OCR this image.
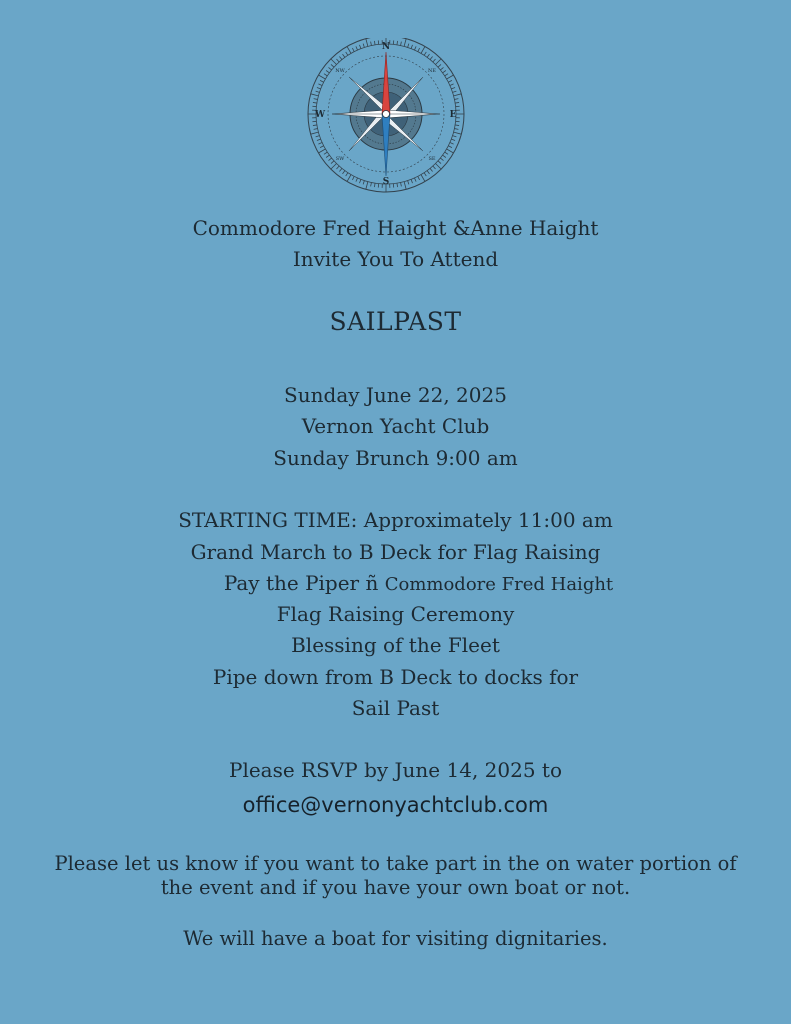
N
E
S
W
NE
SE
SW
NW
Commodore Fred Haight &Anne Haight
Invite You To Attend
SAILPAST
Sunday June 22, 2025
Vernon Yacht Club
Sunday Brunch 9:00 am
STARTING TIME: Approximately 11:00 am
Grand March to B Deck for Flag Raising
Pay the Piper ñ Commodore Fred Haight
Flag Raising Ceremony
Blessing of the Fleet
Pipe down from B Deck to docks for
Sail Past
Please RSVP by June 14, 2025 to
office@vernonyachtclub.com
Please let us know if you want to take part in the on water portion of
the event and if you have your own boat or not.
We will have a boat for visiting dignitaries.
